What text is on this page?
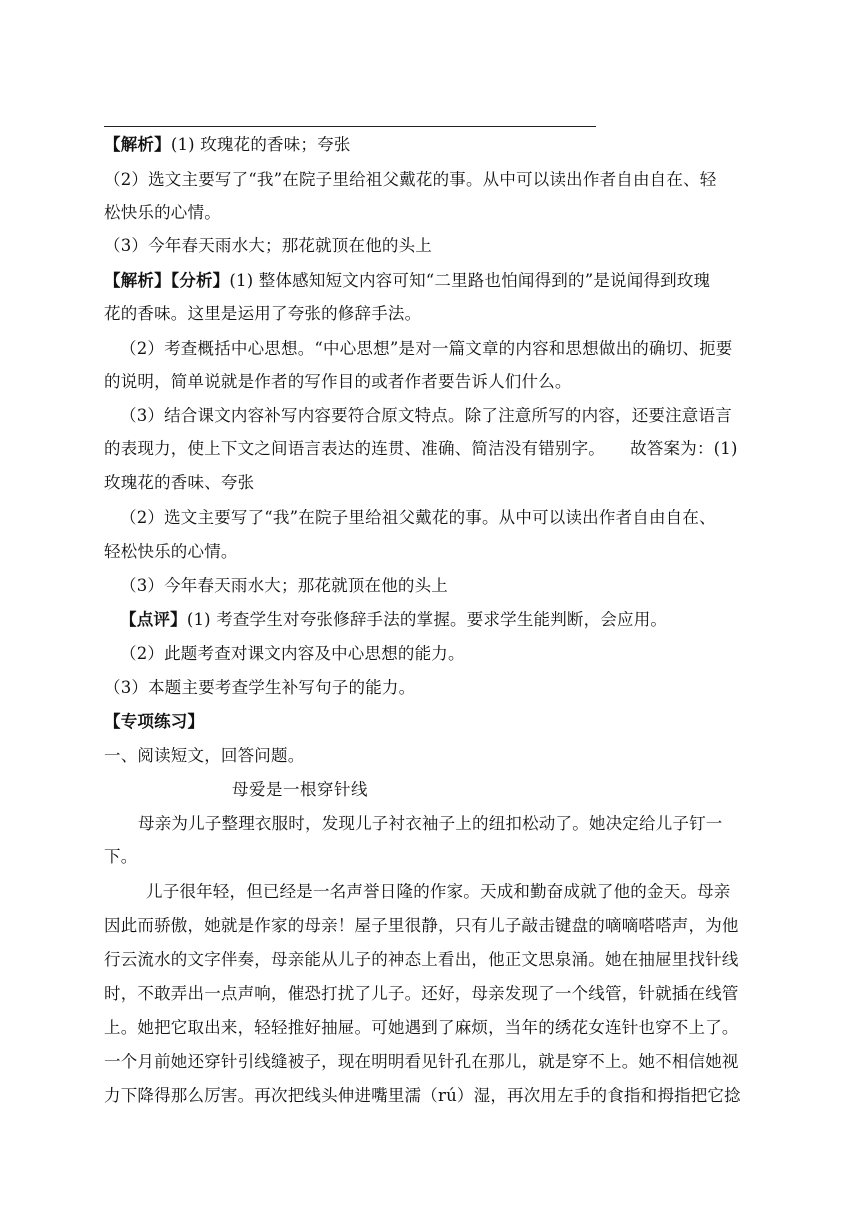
【解析】(1) 玫瑰花的香味；夸张
（2）选文主要写了“我”在院子里给祖父戴花的事。从中可以读出作者自由自在、轻
松快乐的心情。
（3）今年春天雨水大；那花就顶在他的头上
【解析】【分析】(1) 整体感知短文内容可知“二里路也怕闻得到的”是说闻得到玫瑰
花的香味。这里是运用了夸张的修辞手法。
（2）考查概括中心思想。“中心思想”是对一篇文章的内容和思想做出的确切、扼要
的说明，简单说就是作者的写作目的或者作者要告诉人们什么。
（3）结合课文内容补写内容要符合原文特点。除了注意所写的内容，还要注意语言
的表现力，使上下文之间语言表达的连贯、准确、简洁没有错别字。　　故答案为：(1)
玫瑰花的香味、夸张
（2）选文主要写了“我”在院子里给祖父戴花的事。从中可以读出作者自由自在、
轻松快乐的心情。
（3）今年春天雨水大；那花就顶在他的头上
【点评】(1) 考查学生对夸张修辞手法的掌握。要求学生能判断，会应用。
（2）此题考查对课文内容及中心思想的能力。
（3）本题主要考查学生补写句子的能力。
【专项练习】
一、阅读短文，回答问题。
母爱是一根穿针线
母亲为儿子整理衣服时，发现儿子衬衣袖子上的纽扣松动了。她决定给儿子钉一
下。
儿子很年轻，但已经是一名声誉日隆的作家。天成和勤奋成就了他的金天。母亲
因此而骄傲，她就是作家的母亲！屋子里很静，只有儿子敲击键盘的嘀嘀嗒嗒声，为他
行云流水的文字伴奏，母亲能从儿子的神态上看出，他正文思泉涌。她在抽屉里找针线
时，不敢弄出一点声响，催恐打扰了儿子。还好，母亲发现了一个线管，针就插在线管
上。她把它取出来，轻轻推好抽屉。可她遇到了麻烦，当年的绣花女连针也穿不上了。
一个月前她还穿针引线缝被子，现在明明看见针孔在那儿，就是穿不上。她不相信她视
力下降得那么厉害。再次把线头伸进嘴里濡（rú）湿，再次用左手的食指和拇指把它捻
